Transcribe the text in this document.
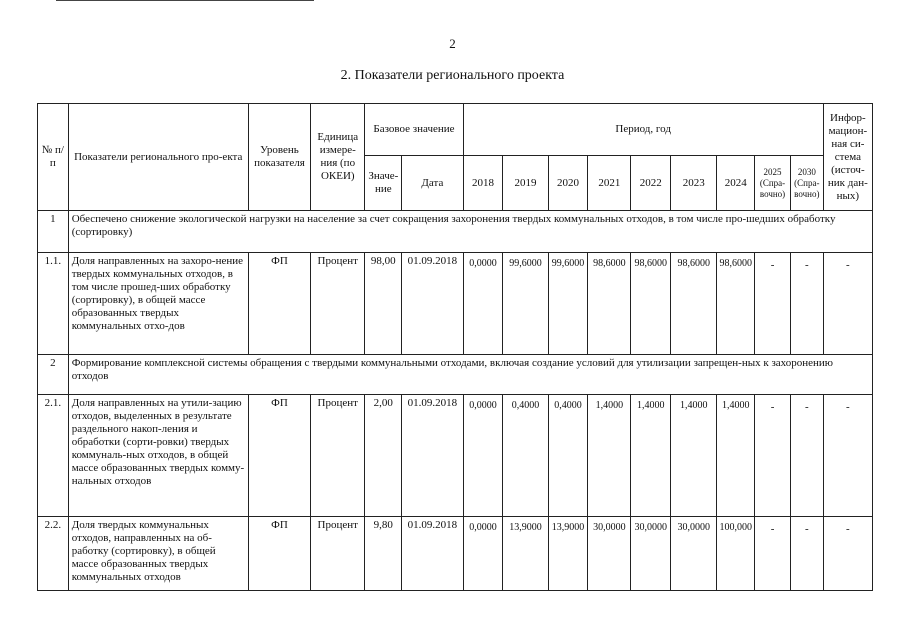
2
2. Показатели регионального проекта
№ п/п	Показатели регионального про-екта	Уровень показателя	Единица измере-ния (по ОКЕИ)	Базовое значение		Период, год									Инфор-мацион-ная си-стема (источ-ник дан-ных)
				Значе-ние	Дата	2018	2019	2020	2021	2022	2023	2024	2025 (Спра-вочно)	2030 (Спра-вочно)	
1	Обеспечено снижение экологической нагрузки на население за счет сокращения захоронения твердых коммунальных отходов, в том числе про-шедших обработку (сортировку)														
1.1.	Доля направленных на захоро-нение твердых коммунальных отходов, в том числе прошед-ших обработку (сортировку), в общей массе образованных твердых коммунальных отхо-дов	ФП	Процент	98,00	01.09.2018	0,0000	99,6000	99,6000	98,6000	98,6000	98,6000	98,6000	-	-	-
2	Формирование комплексной системы обращения с твердыми коммунальными отходами, включая создание условий для утилизации запрещен-ных к захоронению отходов														
2.1.	Доля направленных на утили-зацию отходов, выделенных в результате раздельного накоп-ления и обработки (сорти-ровки) твердых коммуналь-ных отходов, в общей массе образованных твердых комму-нальных отходов	ФП	Процент	2,00	01.09.2018	0,0000	0,4000	0,4000	1,4000	1,4000	1,4000	1,4000	-	-	-
2.2.	Доля твердых коммунальных отходов, направленных на об-работку (сортировку), в общей массе образованных твердых коммунальных отходов	ФП	Процент	9,80	01.09.2018	0,0000	13,9000	13,9000	30,0000	30,0000	30,0000	100,000	-	-	-
